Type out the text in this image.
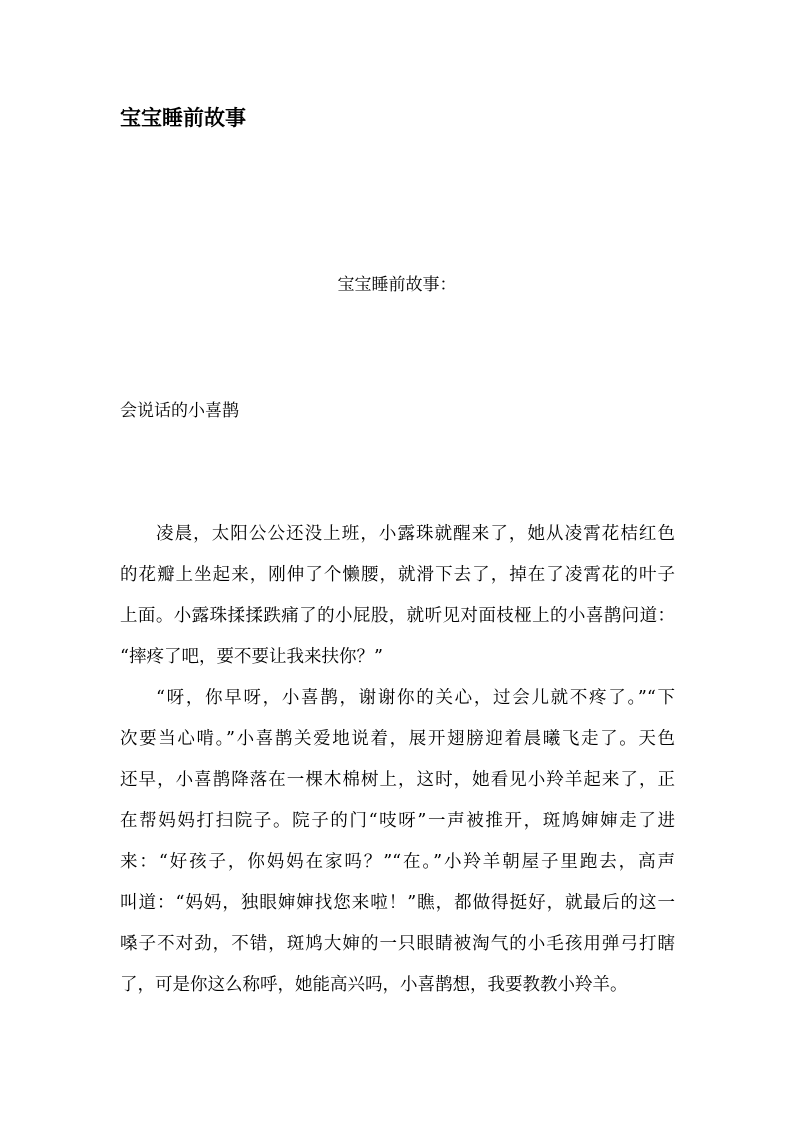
宝宝睡前故事
宝宝睡前故事：
会说话的小喜鹊
凌晨，太阳公公还没上班，小露珠就醒来了，她从凌霄花桔红色
的花瓣上坐起来，刚伸了个懒腰，就滑下去了，掉在了凌霄花的叶子
上面。小露珠揉揉跌痛了的小屁股，就听见对面枝桠上的小喜鹊问道：
“摔疼了吧，要不要让我来扶你？”
“呀，你早呀，小喜鹊，谢谢你的关心，过会儿就不疼了。”“下
次要当心啃。”小喜鹊关爱地说着，展开翅膀迎着晨曦飞走了。天色
还早，小喜鹊降落在一棵木棉树上，这时，她看见小羚羊起来了，正
在帮妈妈打扫院子。院子的门“吱呀”一声被推开，斑鸠婶婶走了进
来：“好孩子，你妈妈在家吗？”“在。”小羚羊朝屋子里跑去，高声
叫道：“妈妈，独眼婶婶找您来啦！”瞧，都做得挺好，就最后的这一
嗓子不对劲，不错，斑鸠大婶的一只眼睛被淘气的小毛孩用弹弓打瞎
了，可是你这么称呼，她能高兴吗，小喜鹊想，我要教教小羚羊。
